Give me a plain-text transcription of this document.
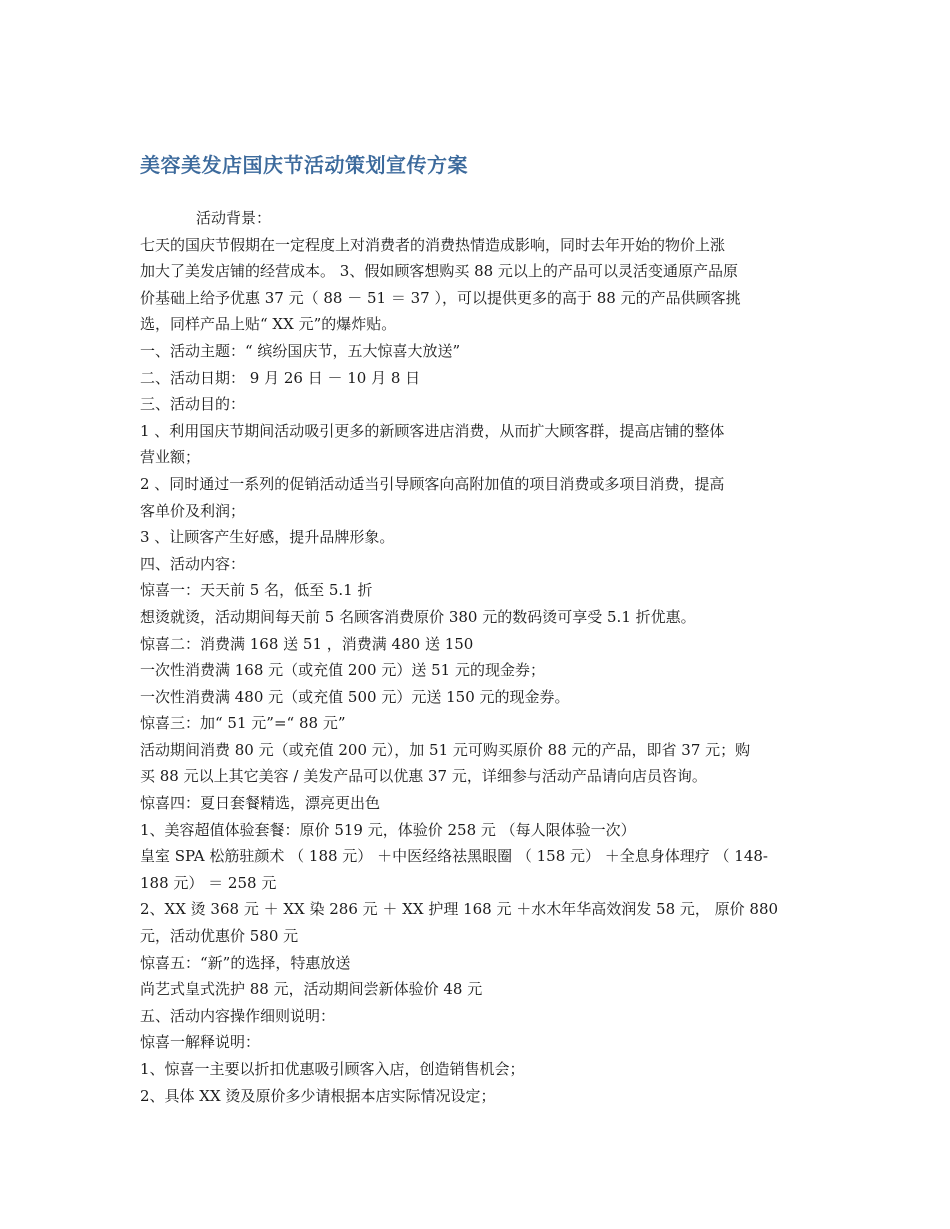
美容美发店国庆节活动策划宣传方案
活动背景：
七天的国庆节假期在一定程度上对消费者的消费热情造成影响，同时去年开始的物价上涨
加大了美发店铺的经营成本。 3、假如顾客想购买 88 元以上的产品可以灵活变通原产品原
价基础上给予优惠 37 元（ 88 － 51 ＝ 37 ），可以提供更多的高于 88 元的产品供顾客挑
选，同样产品上贴“ XX 元”的爆炸贴。
一、活动主题：“ 缤纷国庆节，五大惊喜大放送”
二、活动日期： 9 月 26 日 － 10 月 8 日
三、活动目的：
1 、利用国庆节期间活动吸引更多的新顾客进店消费，从而扩大顾客群，提高店铺的整体
营业额；
2 、同时通过一系列的促销活动适当引导顾客向高附加值的项目消费或多项目消费，提高
客单价及利润；
3 、让顾客产生好感，提升品牌形象。
四、活动内容：
惊喜一：天天前 5 名，低至 5.1 折
想烫就烫，活动期间每天前 5 名顾客消费原价 380 元的数码烫可享受 5.1 折优惠。
惊喜二：消费满 168 送 51 ，消费满 480 送 150
一次性消费满 168 元（或充值 200 元）送 51 元的现金券；
一次性消费满 480 元（或充值 500 元）元送 150 元的现金券。
惊喜三：加“ 51 元”=“ 88 元”
活动期间消费 80 元（或充值 200 元），加 51 元可购买原价 88 元的产品，即省 37 元；购
买 88 元以上其它美容 / 美发产品可以优惠 37 元，详细参与活动产品请向店员咨询。
惊喜四：夏日套餐精选，漂亮更出色
1、美容超值体验套餐：原价 519 元，体验价 258 元 （每人限体验一次）
皇室 SPA 松筋驻颜术 （ 188 元） ＋中医经络祛黑眼圈 （ 158 元） ＋全息身体理疗 （ 148-
188 元） ＝ 258 元
2、XX 烫 368 元 ＋ XX 染 286 元 ＋ XX 护理 168 元 ＋水木年华高效润发 58 元， 原价 880
元，活动优惠价 580 元
惊喜五：“新”的选择，特惠放送
尚艺式皇式洗护 88 元，活动期间尝新体验价 48 元
五、活动内容操作细则说明：
惊喜一解释说明：
1、惊喜一主要以折扣优惠吸引顾客入店，创造销售机会；
2、具体 XX 烫及原价多少请根据本店实际情况设定；
